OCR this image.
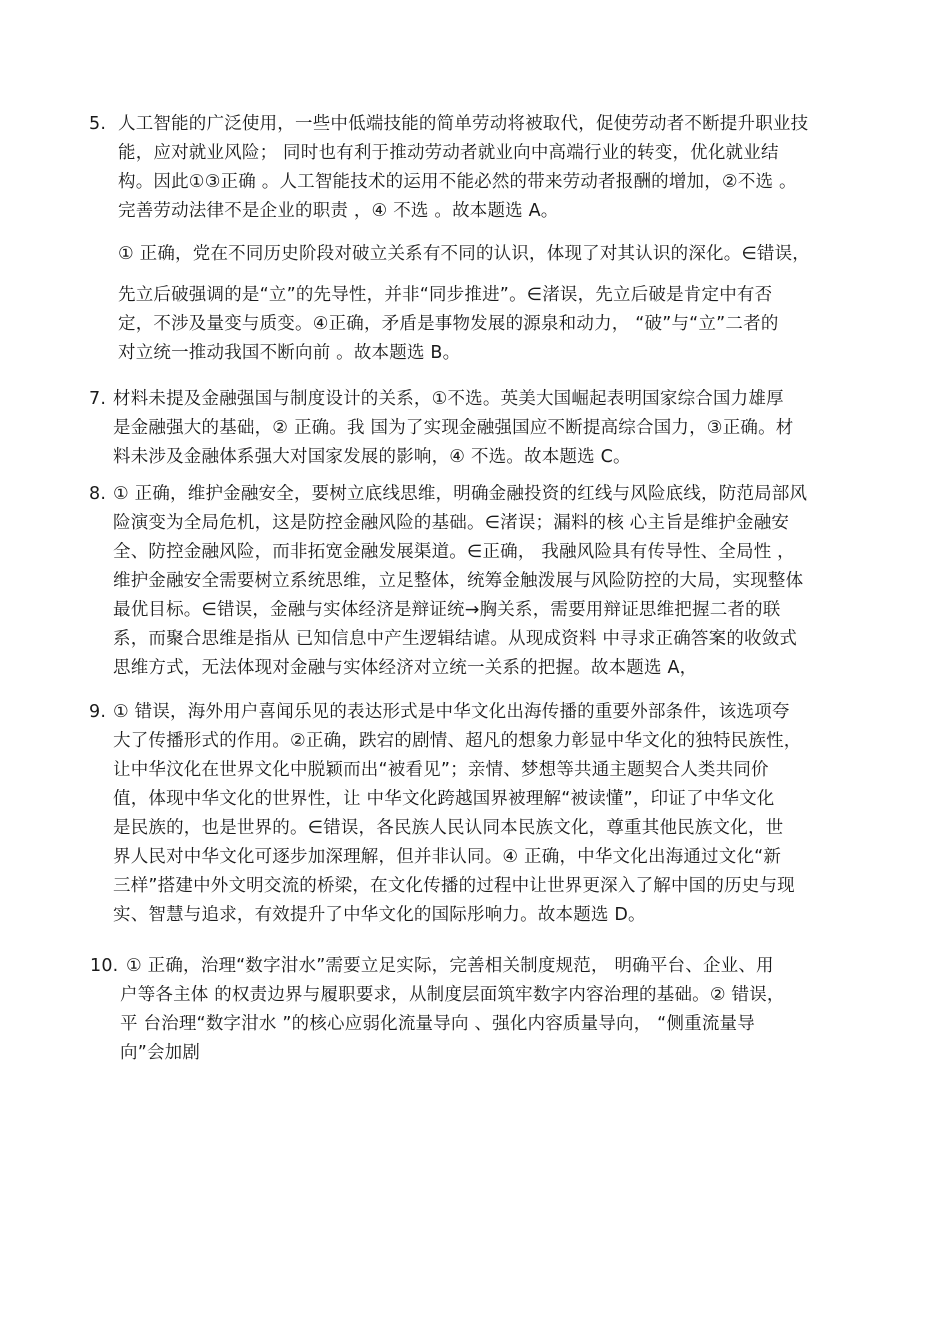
5. 人工智能的广泛使用，一些中低端技能的简单劳动将被取代，促使劳动者不断提升职业技
能，应对就业风险； 同时也有利于推动劳动者就业向中高端行业的转变，优化就业结
构。因此①③正确 。人工智能技术的运用不能必然的带来劳动者报酬的增加，②不选 。
完善劳动法律不是企业的职责 ，④ 不选 。故本题选 A。
① 正确，党在不同历史阶段对破立关系有不同的认识，体现了对其认识的深化。∈错误，
先立后破强调的是“立”的先导性，并非“同步推进”。∈渚误，先立后破是肯定中有否
定，不涉及量变与质变。④正确，矛盾是事物发展的源泉和动力， “破”与“立”二者的
对立统一推动我国不断向前 。故本题选 B。
7. 材料未提及金融强国与制度设计的关系，①不选。英美大国崛起表明国家综合国力雄厚
是金融强大的基础，② 正确。我 国为了实现金融强国应不断提高综合国力，③正确。材
料未涉及金融体系强大对国家发展的影响，④ 不选。故本题选 C。
8. ① 正确，维护金融安全，要树立底线思维，明确金融投资的红线与风险底线，防范局部风
险演变为全局危机，这是防控金融风险的基础。∈渚误；漏料的核 心主旨是维护金融安
全、防控金融风险，而非拓宽金融发展渠道。∈正确， 我融风险具有传导性、全局性 ，
维护金融安全需要树立系统思维，立足整体，统筹金触泼展与风险防控的大局，实现整体
最优目标。∈错误，金融与实体经济是辩证统→胸关系，需要用辩证思维把握二者的联
系，而聚合思维是指从 已知信息中产生逻辑结谑。从现成资料 中寻求正确答案的收敛式
思维方式，无法体现对金融与实体经济对立统一关系的把握。故本题选 A，
9. ① 错误，海外用户喜闻乐见的表达形式是中华文化出海传播的重要外部条件，该选项夸
大了传播形式的作用。②正确，跌宕的剧情、超凡的想象力彰显中华文化的独特民族性，
让中华汶化在世界文化中脱颖而出“被看见”；亲情、梦想等共通主题契合人类共同价
值，体现中华文化的世界性，让 中华文化跨越国界被理解“被读懂”，印证了中华文化
是民族的，也是世界的。∈错误，各民族人民认同本民族文化，尊重其他民族文化，世
界人民对中华文化可逐步加深理解，但并非认同。④ 正确，中华文化出海通过文化“新
三样”搭建中外文明交流的桥梁，在文化传播的过程中让世界更深入了解中国的历史与现
实、智慧与追求，有效提升了中华文化的国际彤响力。故本题选 D。
10. ① 正确，治理“数字泔水”需要立足实际，完善相关制度规范， 明确平台、企业、用
户等各主体 的权责边界与履职要求，从制度层面筑牢数字内容治理的基础。② 错误，
平 台治理“数字泔水 ”的核心应弱化流量导向 、强化内容质量导向， “侧重流量导
向”会加剧
